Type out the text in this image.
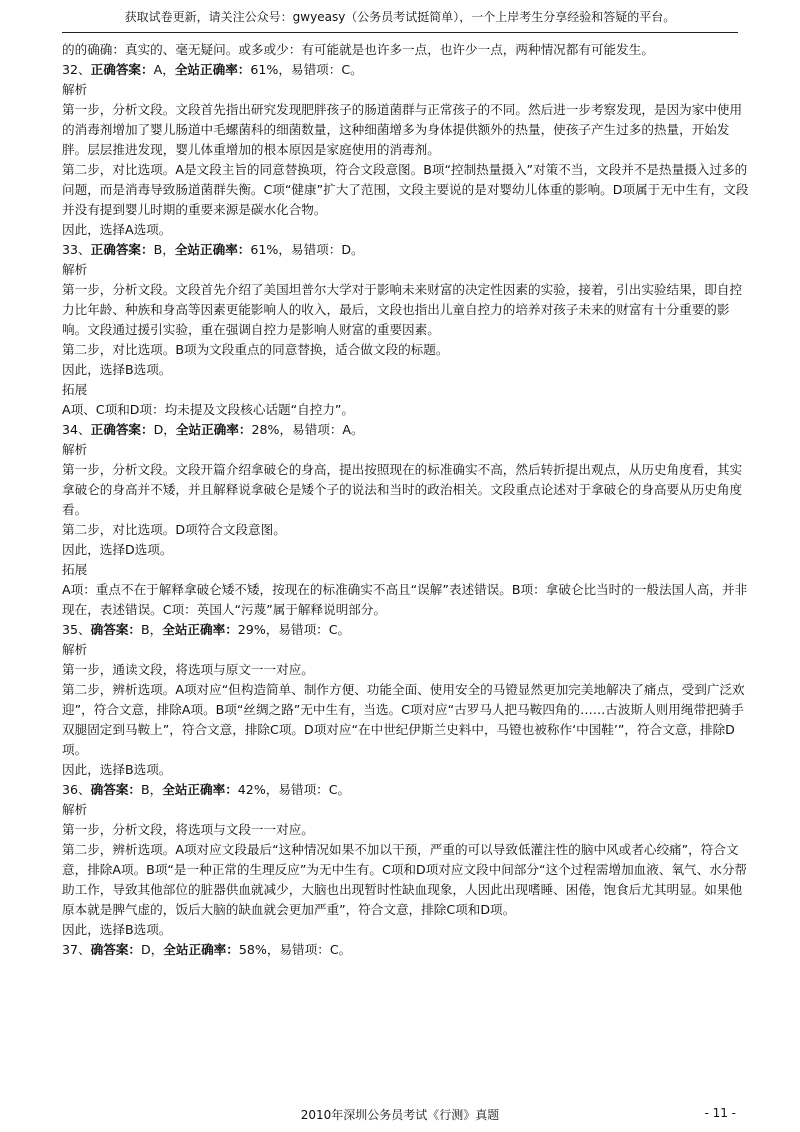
获取试卷更新，请关注公众号：gwyeasy（公务员考试挺简单），一个上岸考生分享经验和答疑的平台。

的的确确：真实的、毫无疑问。或多或少：有可能就是也许多一点，也许少一点，两种情况都有可能发生。

32、正确答案：A，全站正确率：61%，易错项：C。

解析

第一步，分析文段。文段首先指出研究发现肥胖孩子的肠道菌群与正常孩子的不同。然后进一步考察发现，是因为家中使用的消毒剂增加了婴儿肠道中毛螺菌科的细菌数量，这种细菌增多为身体提供额外的热量，使孩子产生过多的热量，开始发胖。层层推进发现，婴儿体重增加的根本原因是家庭使用的消毒剂。

第二步，对比选项。A是文段主旨的同意替换项，符合文段意图。B项“控制热量摄入”对策不当，文段并不是热量摄入过多的问题，而是消毒导致肠道菌群失衡。C项“健康”扩大了范围，文段主要说的是对婴幼儿体重的影响。D项属于无中生有，文段并没有提到婴儿时期的重要来源是碳水化合物。

因此，选择A选项。

33、正确答案：B，全站正确率：61%，易错项：D。

解析

第一步，分析文段。文段首先介绍了美国坦普尔大学对于影响未来财富的决定性因素的实验，接着，引出实验结果，即自控力比年龄、种族和身高等因素更能影响人的收入，最后，文段也指出儿童自控力的培养对孩子未来的财富有十分重要的影响。文段通过援引实验，重在强调自控力是影响人财富的重要因素。

第二步，对比选项。B项为文段重点的同意替换，适合做文段的标题。

因此，选择B选项。

拓展

A项、C项和D项：均未提及文段核心话题“自控力”。

34、正确答案：D，全站正确率：28%，易错项：A。

解析

第一步，分析文段。文段开篇介绍拿破仑的身高，提出按照现在的标准确实不高，然后转折提出观点，从历史角度看，其实拿破仑的身高并不矮，并且解释说拿破仑是矮个子的说法和当时的政治相关。文段重点论述对于拿破仑的身高要从历史角度看。

第二步，对比选项。D项符合文段意图。

因此，选择D选项。

拓展

A项：重点不在于解释拿破仑矮不矮，按现在的标准确实不高且“误解”表述错误。B项：拿破仑比当时的一般法国人高，并非现在，表述错误。C项：英国人“污蔑”属于解释说明部分。

35、确答案：B，全站正确率：29%，易错项：C。

解析

第一步，通读文段，将选项与原文一一对应。

第二步，辨析选项。A项对应“但构造简单、制作方便、功能全面、使用安全的马镫显然更加完美地解决了痛点，受到广泛欢迎”，符合文意，排除A项。B项“丝绸之路”无中生有，当选。C项对应“古罗马人把马鞍四角的……古波斯人则用绳带把骑手双腿固定到马鞍上”，符合文意，排除C项。D项对应“在中世纪伊斯兰史料中，马镫也被称作‘中国鞋’”，符合文意，排除D项。

因此，选择B选项。

36、确答案：B，全站正确率：42%，易错项：C。

解析

第一步，分析文段，将选项与文段一一对应。

第二步，辨析选项。A项对应文段最后“这种情况如果不加以干预，严重的可以导致低灌注性的脑中风或者心绞痛”，符合文意，排除A项。B项“是一种正常的生理反应”为无中生有。C项和D项对应文段中间部分“这个过程需增加血液、氧气、水分帮助工作，导致其他部位的脏器供血就减少，大脑也出现暂时性缺血现象，人因此出现嗜睡、困倦，饱食后尤其明显。如果他原本就是脾气虚的，饭后大脑的缺血就会更加严重”，符合文意，排除C项和D项。

因此，选择B选项。

37、确答案：D，全站正确率：58%，易错项：C。

2010年深圳公务员考试《行测》真题	- 11 -
